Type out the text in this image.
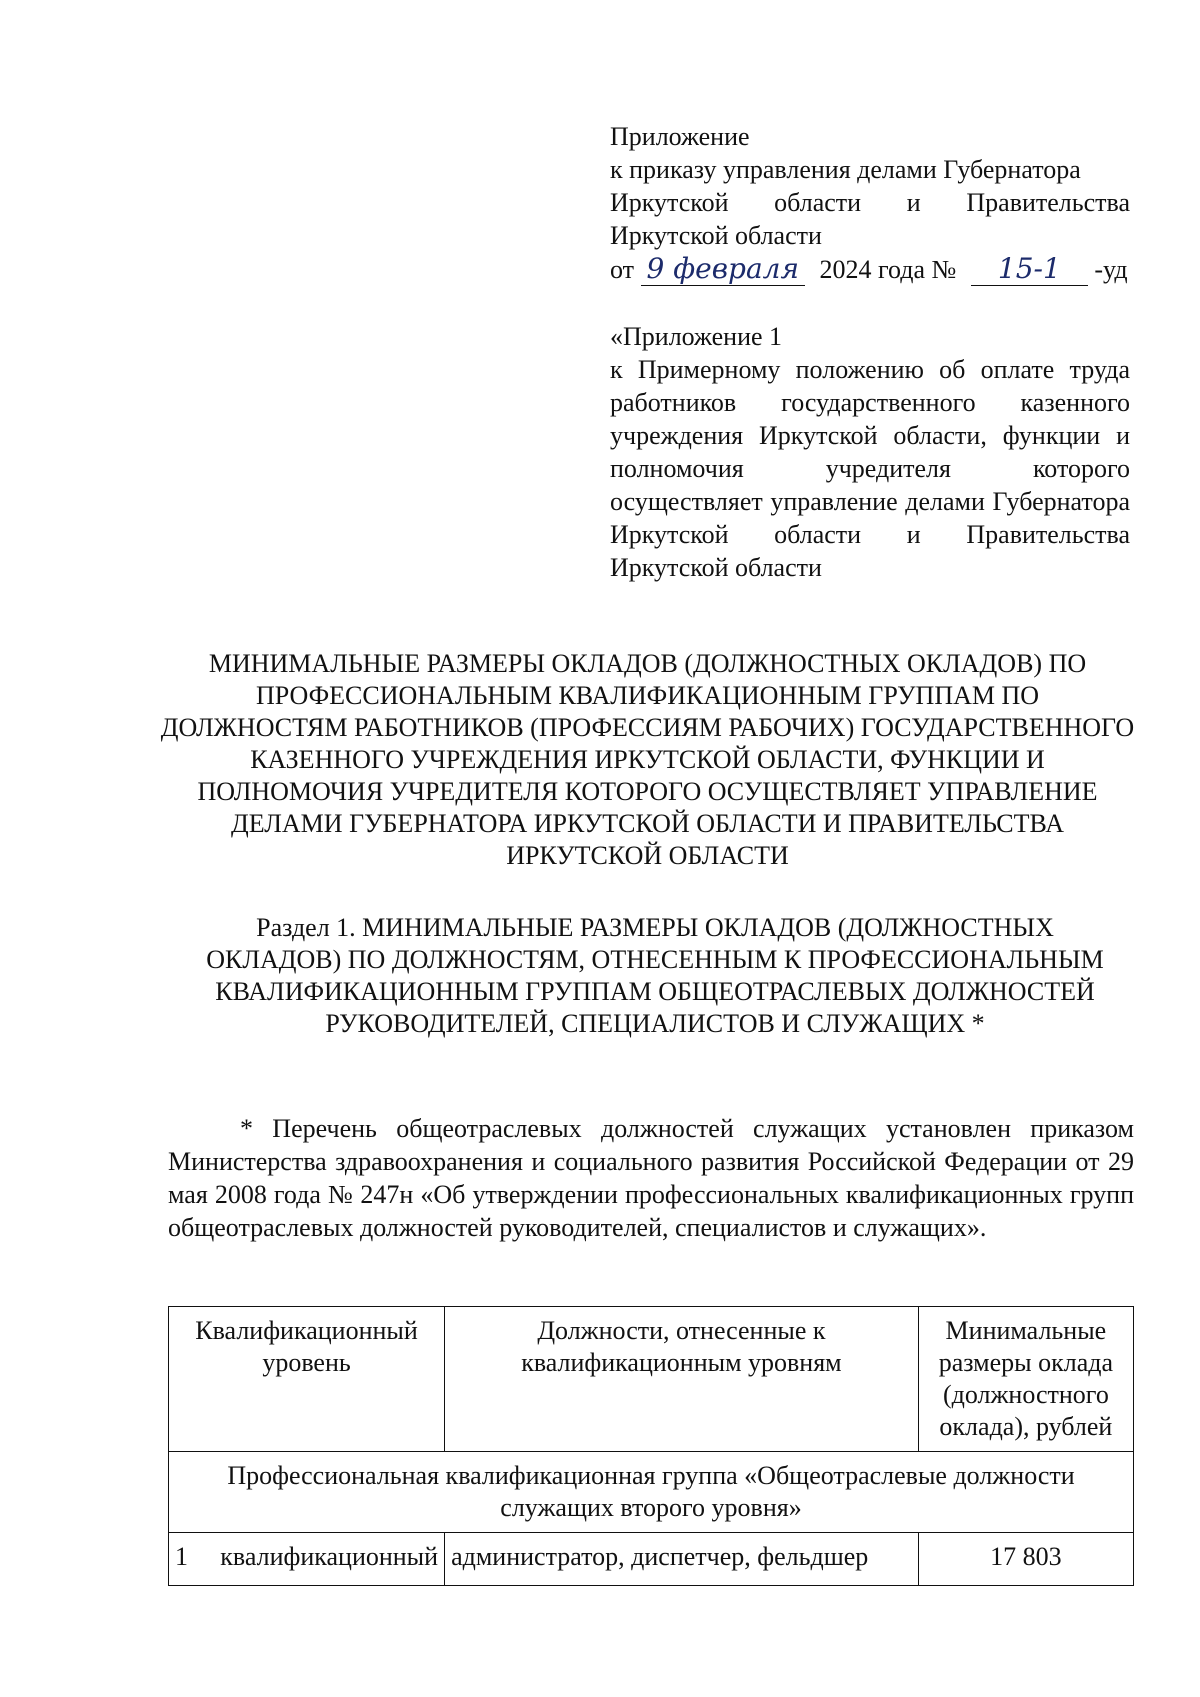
Приложение
к приказу управления делами Губернатора
Иркутской области и Правительства
Иркутской области
от 9 февраля 2024 года № 15-1 -уд
«Приложение 1
к Примерному положению об оплате труда работников государственного казенного учреждения Иркутской области, функции и полномочия учредителя которого осуществляет управление делами Губернатора Иркутской области и Правительства Иркутской области
МИНИМАЛЬНЫЕ РАЗМЕРЫ ОКЛАДОВ (ДОЛЖНОСТНЫХ ОКЛАДОВ) ПО ПРОФЕССИОНАЛЬНЫМ КВАЛИФИКАЦИОННЫМ ГРУППАМ ПО ДОЛЖНОСТЯМ РАБОТНИКОВ (ПРОФЕССИЯМ РАБОЧИХ) ГОСУДАРСТВЕННОГО КАЗЕННОГО УЧРЕЖДЕНИЯ ИРКУТСКОЙ ОБЛАСТИ, ФУНКЦИИ И ПОЛНОМОЧИЯ УЧРЕДИТЕЛЯ КОТОРОГО ОСУЩЕСТВЛЯЕТ УПРАВЛЕНИЕ ДЕЛАМИ ГУБЕРНАТОРА ИРКУТСКОЙ ОБЛАСТИ И ПРАВИТЕЛЬСТВА ИРКУТСКОЙ ОБЛАСТИ
Раздел 1. МИНИМАЛЬНЫЕ РАЗМЕРЫ ОКЛАДОВ (ДОЛЖНОСТНЫХ ОКЛАДОВ) ПО ДОЛЖНОСТЯМ, ОТНЕСЕННЫМ К ПРОФЕССИОНАЛЬНЫМ КВАЛИФИКАЦИОННЫМ ГРУППАМ ОБЩЕОТРАСЛЕВЫХ ДОЛЖНОСТЕЙ РУКОВОДИТЕЛЕЙ, СПЕЦИАЛИСТОВ И СЛУЖАЩИХ *
* Перечень общеотраслевых должностей служащих установлен приказом Министерства здравоохранения и социального развития Российской Федерации от 29 мая 2008 года № 247н «Об утверждении профессиональных квалификационных групп общеотраслевых должностей руководителей, специалистов и служащих».
Квалификационный уровень	Должности, отнесенные к квалификационным уровням	Минимальные размеры оклада (должностного оклада), рублей
Профессиональная квалификационная группа «Общеотраслевые должности служащих второго уровня»		

1 квалификационный	администратор, диспетчер, фельдшер	17 803
